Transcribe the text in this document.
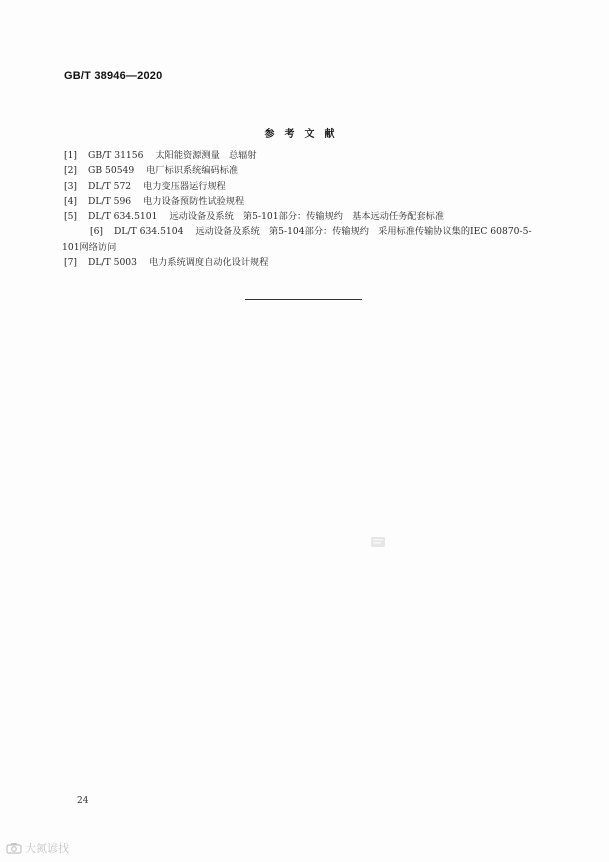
GB/T 38946—2020
参考文献
[1] GB/T 31156 太阳能资源测量　总辐射
[2] GB 50549 电厂标识系统编码标准
[3] DL/T 572 电力变压器运行规程
[4] DL/T 596 电力设备预防性试验规程
[5] DL/T 634.5101 远动设备及系统　第5-101部分：传输规约　基本远动任务配套标准
[6] DL/T 634.5104 远动设备及系统　第5-104部分：传输规约　采用标准传输协议集的IEC 60870-5-101网络访问
[7] DL/T 5003 电力系统调度自动化设计规程
24
大氮谚找
